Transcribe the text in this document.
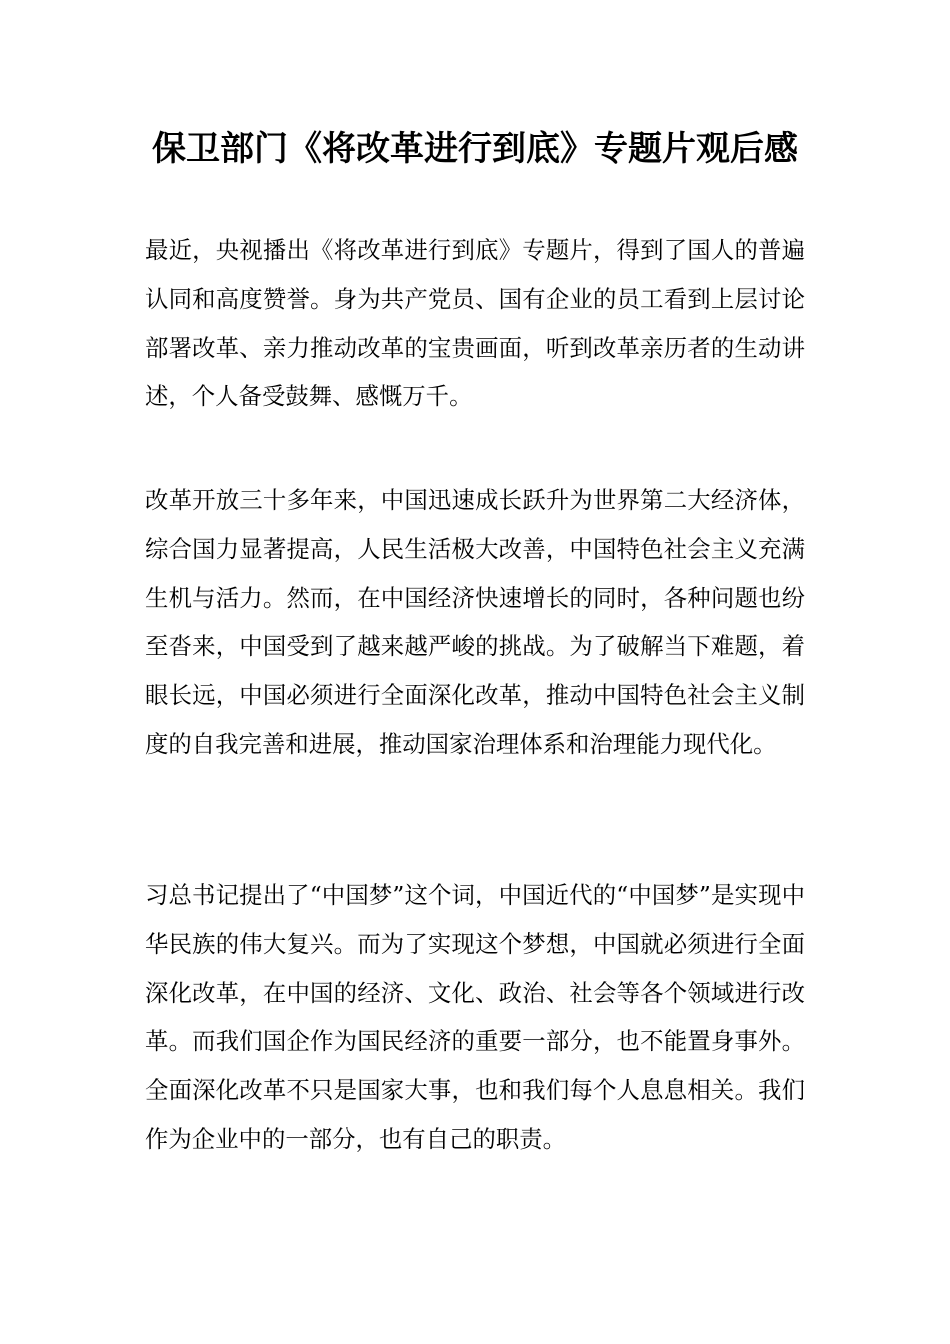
保卫部门《将改革进行到底》专题片观后感

最近，央视播出《将改革进行到底》专题片，得到了国人的普遍认同和高度赞誉。身为共产党员、国有企业的员工看到上层讨论部署改革、亲力推动改革的宝贵画面，听到改革亲历者的生动讲述，个人备受鼓舞、感慨万千。

改革开放三十多年来，中国迅速成长跃升为世界第二大经济体，综合国力显著提高，人民生活极大改善，中国特色社会主义充满生机与活力。然而，在中国经济快速增长的同时，各种问题也纷至沓来，中国受到了越来越严峻的挑战。为了破解当下难题，着眼长远，中国必须进行全面深化改革，推动中国特色社会主义制度的自我完善和进展，推动国家治理体系和治理能力现代化。

习总书记提出了“中国梦”这个词，中国近代的“中国梦”是实现中华民族的伟大复兴。而为了实现这个梦想，中国就必须进行全面深化改革，在中国的经济、文化、政治、社会等各个领域进行改革。而我们国企作为国民经济的重要一部分，也不能置身事外。全面深化改革不只是国家大事，也和我们每个人息息相关。我们作为企业中的一部分，也有自己的职责。
